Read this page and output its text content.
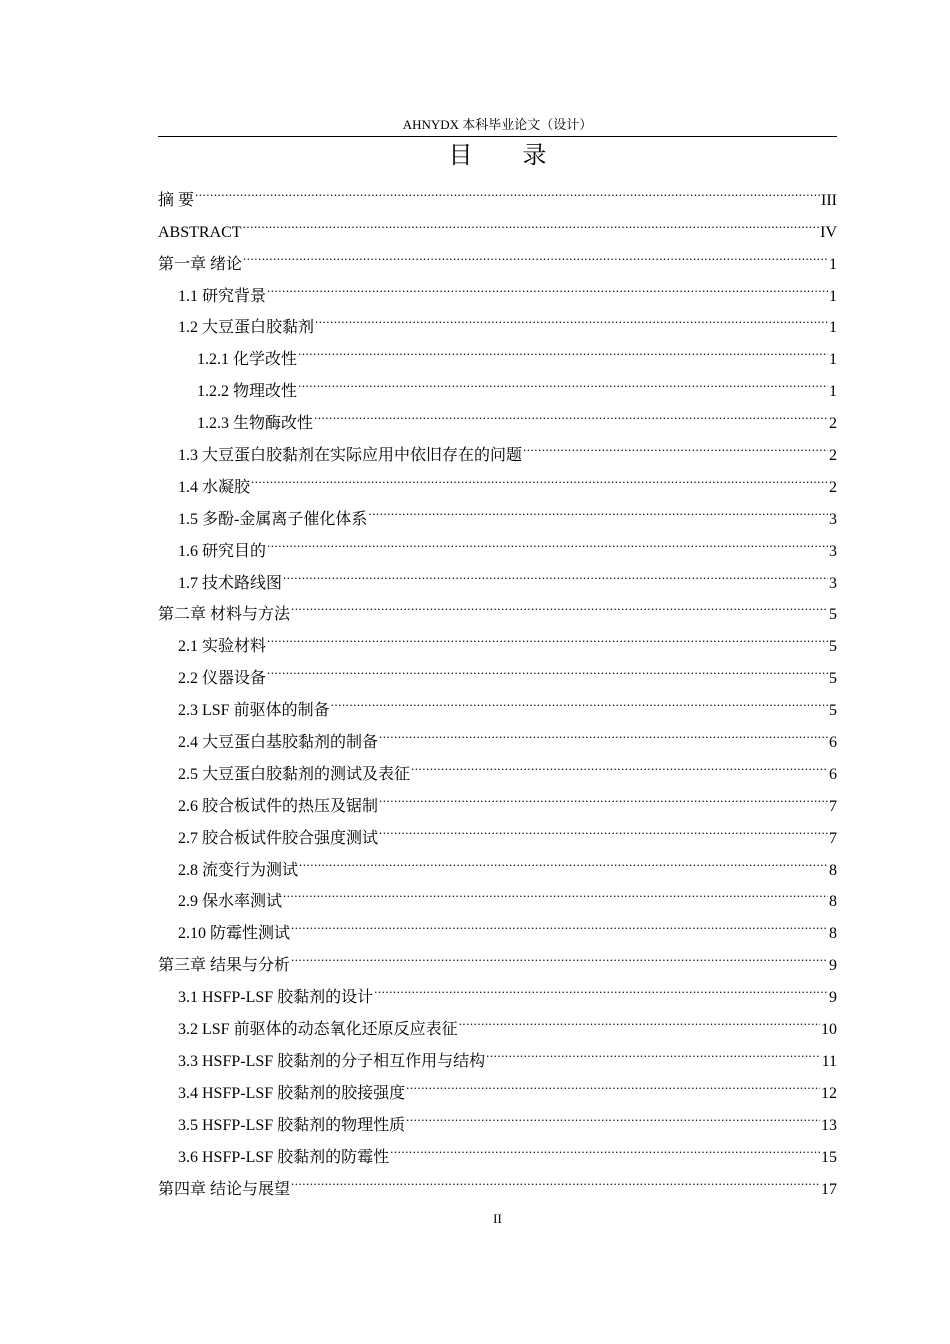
AHNYDX 本科毕业论文（设计）
目 录
摘 要 .....	III
ABSTRACT .....	IV
第一章 绪论 .....	1
1.1 研究背景 .....	1
1.2 大豆蛋白胶黏剂 .....	1
1.2.1 化学改性 .....	1
1.2.2 物理改性 .....	1
1.2.3 生物酶改性 .....	2
1.3 大豆蛋白胶黏剂在实际应用中依旧存在的问题 .....	2
1.4 水凝胶 .....	2
1.5 多酚-金属离子催化体系 .....	3
1.6 研究目的 .....	3
1.7 技术路线图 .....	3
第二章 材料与方法 .....	5
2.1 实验材料 .....	5
2.2 仪器设备 .....	5
2.3 LSF 前驱体的制备 .....	5
2.4 大豆蛋白基胶黏剂的制备 .....	6
2.5 大豆蛋白胶黏剂的测试及表征 .....	6
2.6 胶合板试件的热压及锯制 .....	7
2.7 胶合板试件胶合强度测试 .....	7
2.8 流变行为测试 .....	8
2.9 保水率测试 .....	8
2.10 防霉性测试 .....	8
第三章 结果与分析 .....	9
3.1 HSFP-LSF 胶黏剂的设计 .....	9
3.2 LSF 前驱体的动态氧化还原反应表征 .....	10
3.3 HSFP-LSF 胶黏剂的分子相互作用与结构 .....	11
3.4 HSFP-LSF 胶黏剂的胶接强度 .....	12
3.5 HSFP-LSF 胶黏剂的物理性质 .....	13
3.6 HSFP-LSF 胶黏剂的防霉性 .....	15
第四章 结论与展望 .....	17
II
